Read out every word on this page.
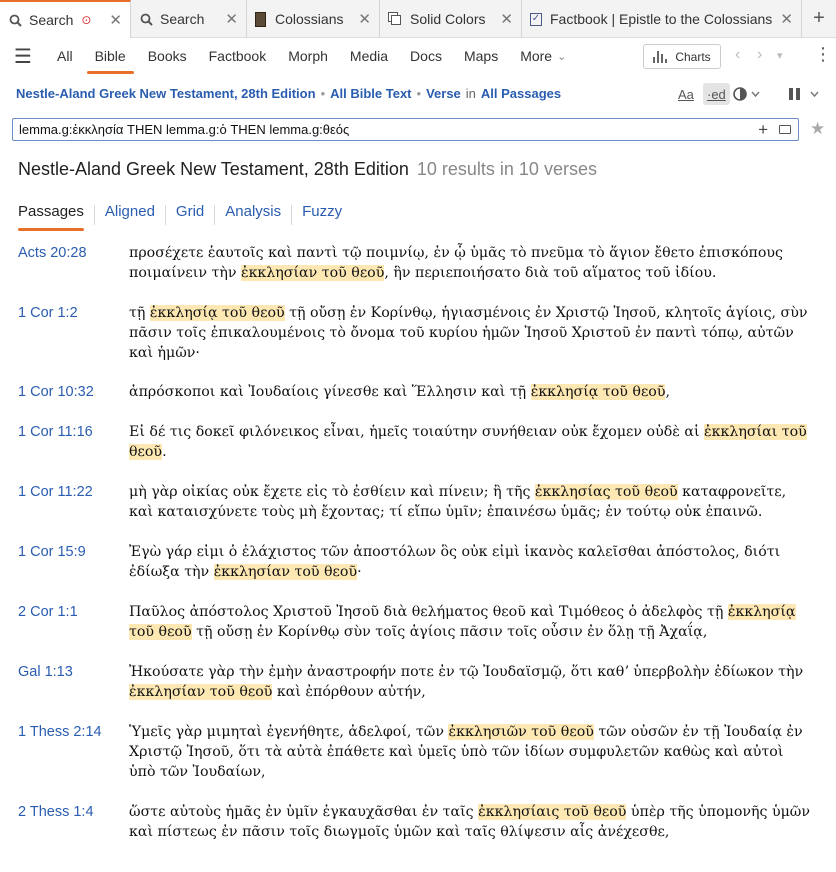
Search ⊙	✕	Search	✕	Colossians ✕	Solid Colors ✕ ✓ Factbook | Epistle to the Colossians ✕	+
☰	All	Bible	Books	Factbook	Morph	Media	Docs	Maps	More ⌄	Charts ‹ › ▾ ⋮
Nestle-Aland Greek New Testament, 28th Edition • All Bible Text • Verse in All Passages	Aa	·ed
lemma.g:ἐκκλησία THEN lemma.g:ὁ THEN lemma.g:θεός	+ ★
Nestle-Aland Greek New Testament, 28th Edition 10 results in 10 verses
Passages Aligned Grid Analysis Fuzzy
Acts 20:28	προσέχετε ἑαυτοῖς καὶ παντὶ τῷ ποιμνίῳ, ἐν ᾧ ὑμᾶς τὸ πνεῦμα τὸ ἅγιον ἔθετο ἐπισκόπους ποιμαίνειν τὴν ἐκκλησίαν τοῦ θεοῦ, ἣν περιεποιήσατο διὰ τοῦ αἵματος τοῦ ἰδίου.
1 Cor 1:2	τῇ ἐκκλησίᾳ τοῦ θεοῦ τῇ οὔσῃ ἐν Κορίνθῳ, ἡγιασμένοις ἐν Χριστῷ Ἰησοῦ, κλητοῖς ἁγίοις, σὺν πᾶσιν τοῖς ἐπικαλουμένοις τὸ ὄνομα τοῦ κυρίου ἡμῶν Ἰησοῦ Χριστοῦ ἐν παντὶ τόπῳ, αὐτῶν καὶ ἡμῶν·
1 Cor 10:32	ἀπρόσκοποι καὶ Ἰουδαίοις γίνεσθε καὶ Ἕλλησιν καὶ τῇ ἐκκλησίᾳ τοῦ θεοῦ,
1 Cor 11:16	Εἰ δέ τις δοκεῖ φιλόνεικος εἶναι, ἡμεῖς τοιαύτην συνήθειαν οὐκ ἔχομεν οὐδὲ αἱ ἐκκλησίαι τοῦ θεοῦ.
1 Cor 11:22	μὴ γὰρ οἰκίας οὐκ ἔχετε εἰς τὸ ἐσθίειν καὶ πίνειν; ἢ τῆς ἐκκλησίας τοῦ θεοῦ καταφρονεῖτε, καὶ καταισχύνετε τοὺς μὴ ἔχοντας; τί εἴπω ὑμῖν; ἐπαινέσω ὑμᾶς; ἐν τούτῳ οὐκ ἐπαινῶ.
1 Cor 15:9	Ἐγὼ γάρ εἰμι ὁ ἐλάχιστος τῶν ἀποστόλων ὃς οὐκ εἰμὶ ἱκανὸς καλεῖσθαι ἀπόστολος, διότι ἐδίωξα τὴν ἐκκλησίαν τοῦ θεοῦ·
2 Cor 1:1	Παῦλος ἀπόστολος Χριστοῦ Ἰησοῦ διὰ θελήματος θεοῦ καὶ Τιμόθεος ὁ ἀδελφὸς τῇ ἐκκλησίᾳ τοῦ θεοῦ τῇ οὔσῃ ἐν Κορίνθῳ σὺν τοῖς ἁγίοις πᾶσιν τοῖς οὖσιν ἐν ὅλῃ τῇ Ἀχαΐᾳ,
Gal 1:13	Ἠκούσατε γὰρ τὴν ἐμὴν ἀναστροφήν ποτε ἐν τῷ Ἰουδαϊσμῷ, ὅτι καθʼ ὑπερβολὴν ἐδίωκον τὴν ἐκκλησίαν τοῦ θεοῦ καὶ ἐπόρθουν αὐτήν,
1 Thess 2:14	Ὑμεῖς γὰρ μιμηταὶ ἐγενήθητε, ἀδελφοί, τῶν ἐκκλησιῶν τοῦ θεοῦ τῶν οὐσῶν ἐν τῇ Ἰουδαίᾳ ἐν Χριστῷ Ἰησοῦ, ὅτι τὰ αὐτὰ ἐπάθετε καὶ ὑμεῖς ὑπὸ τῶν ἰδίων συμφυλετῶν καθὼς καὶ αὐτοὶ ὑπὸ τῶν Ἰουδαίων,
2 Thess 1:4	ὥστε αὐτοὺς ἡμᾶς ἐν ὑμῖν ἐγκαυχᾶσθαι ἐν ταῖς ἐκκλησίαις τοῦ θεοῦ ὑπὲρ τῆς ὑπομονῆς ὑμῶν καὶ πίστεως ἐν πᾶσιν τοῖς διωγμοῖς ὑμῶν καὶ ταῖς θλίψεσιν αἷς ἀνέχεσθε,
